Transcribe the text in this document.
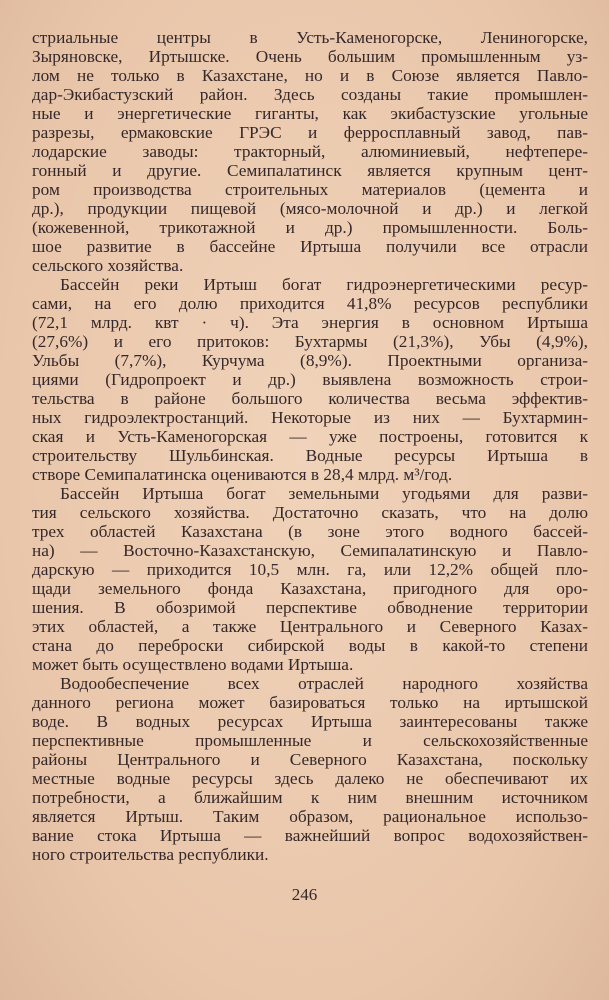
стриальные центры в Усть-Каменогорске, Лениногорске,
Зыряновске, Иртышске. Очень большим промышленным уз-
лом не только в Казахстане, но и в Союзе является Павло-
дар-Экибастузский район. Здесь созданы такие промышлен-
ные и энергетические гиганты, как экибастузские угольные
разрезы, ермаковские ГРЭС и ферросплавный завод, пав-
лодарские заводы: тракторный, алюминиевый, нефтепере-
гонный и другие. Семипалатинск является крупным цент-
ром производства строительных материалов (цемента и
др.), продукции пищевой (мясо-молочной и др.) и легкой
(кожевенной, трикотажной и др.) промышленности. Боль-
шое развитие в бассейне Иртыша получили все отрасли
сельского хозяйства.
Бассейн реки Иртыш богат гидроэнергетическими ресур-
сами, на его долю приходится 41,8% ресурсов республики
(72,1 млрд. квт · ч). Эта энергия в основном Иртыша
(27,6%) и его притоков: Бухтармы (21,3%), Убы (4,9%),
Ульбы (7,7%), Курчума (8,9%). Проектными организа-
циями (Гидропроект и др.) выявлена возможность строи-
тельства в районе большого количества весьма эффектив-
ных гидроэлектростанций. Некоторые из них — Бухтармин-
ская и Усть-Каменогорская — уже построены, готовится к
строительству Шульбинская. Водные ресурсы Иртыша в
створе Семипалатинска оцениваются в 28,4 млрд. м³/год.
Бассейн Иртыша богат земельными угодьями для разви-
тия сельского хозяйства. Достаточно сказать, что на долю
трех областей Казахстана (в зоне этого водного бассей-
на) — Восточно-Казахстанскую, Семипалатинскую и Павло-
дарскую — приходится 10,5 млн. га, или 12,2% общей пло-
щади земельного фонда Казахстана, пригодного для оро-
шения. В обозримой перспективе обводнение территории
этих областей, а также Центрального и Северного Казах-
стана до переброски сибирской воды в какой-то степени
может быть осуществлено водами Иртыша.
Водообеспечение всех отраслей народного хозяйства
данного региона может базироваться только на иртышской
воде. В водных ресурсах Иртыша заинтересованы также
перспективные промышленные и сельскохозяйственные
районы Центрального и Северного Казахстана, поскольку
местные водные ресурсы здесь далеко не обеспечивают их
потребности, а ближайшим к ним внешним источником
является Иртыш. Таким образом, рациональное использо-
вание стока Иртыша — важнейший вопрос водохозяйствен-
ного строительства республики.
246
